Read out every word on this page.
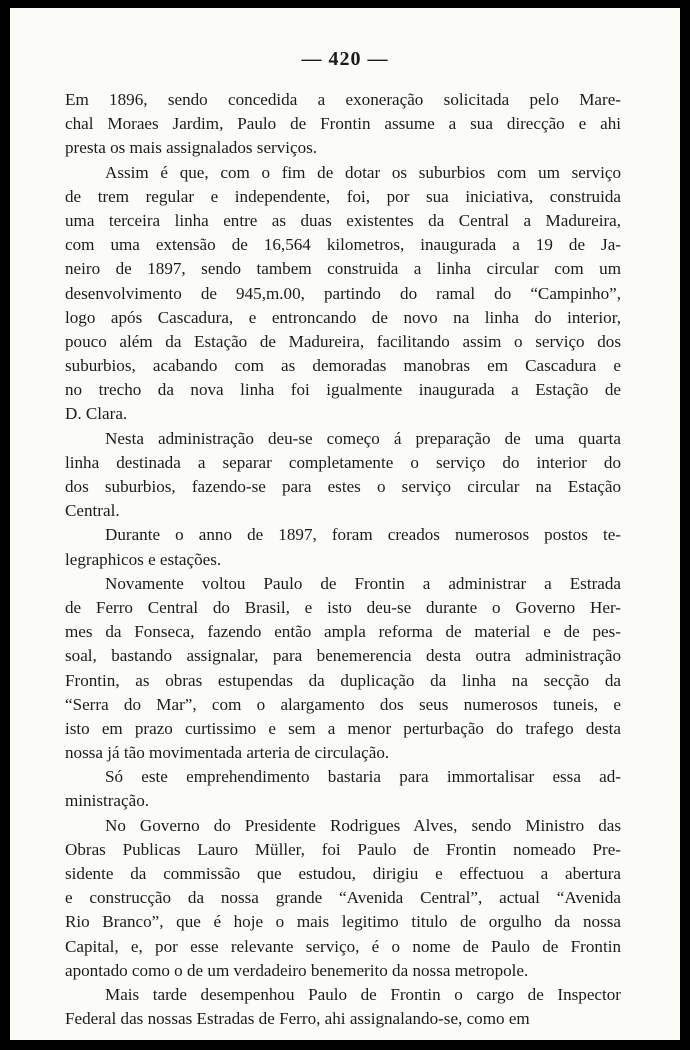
— 420 —
Em 1896, sendo concedida a exoneração solicitada pelo Mare-
chal Moraes Jardim, Paulo de Frontin assume a sua direcção e ahi
presta os mais assignalados serviços.
Assim é que, com o fim de dotar os suburbios com um serviço
de trem regular e independente, foi, por sua iniciativa, construida
uma terceira linha entre as duas existentes da Central a Madureira,
com uma extensão de 16,564 kilometros, inaugurada a 19 de Ja-
neiro de 1897, sendo tambem construida a linha circular com um
desenvolvimento de 945,m.00, partindo do ramal do “Campinho”,
logo após Cascadura, e entroncando de novo na linha do interior,
pouco além da Estação de Madureira, facilitando assim o serviço dos
suburbios, acabando com as demoradas manobras em Cascadura e
no trecho da nova linha foi igualmente inaugurada a Estação de
D. Clara.
Nesta administração deu-se começo á preparação de uma quarta
linha destinada a separar completamente o serviço do interior do
dos suburbios, fazendo-se para estes o serviço circular na Estação
Central.
Durante o anno de 1897, foram creados numerosos postos te-
legraphicos e estações.
Novamente voltou Paulo de Frontin a administrar a Estrada
de Ferro Central do Brasil, e isto deu-se durante o Governo Her-
mes da Fonseca, fazendo então ampla reforma de material e de pes-
soal, bastando assignalar, para benemerencia desta outra administração
Frontin, as obras estupendas da duplicação da linha na secção da
“Serra do Mar”, com o alargamento dos seus numerosos tuneis, e
isto em prazo curtissimo e sem a menor perturbação do trafego desta
nossa já tão movimentada arteria de circulação.
Só este emprehendimento bastaria para immortalisar essa ad-
ministração.
No Governo do Presidente Rodrigues Alves, sendo Ministro das
Obras Publicas Lauro Müller, foi Paulo de Frontin nomeado Pre-
sidente da commissão que estudou, dirigiu e effectuou a abertura
e construcção da nossa grande “Avenida Central”, actual “Avenida
Rio Branco”, que é hoje o mais legitimo titulo de orgulho da nossa
Capital, e, por esse relevante serviço, é o nome de Paulo de Frontin
apontado como o de um verdadeiro benemerito da nossa metropole.
Mais tarde desempenhou Paulo de Frontin o cargo de Inspector
Federal das nossas Estradas de Ferro, ahi assignalando-se, como em
